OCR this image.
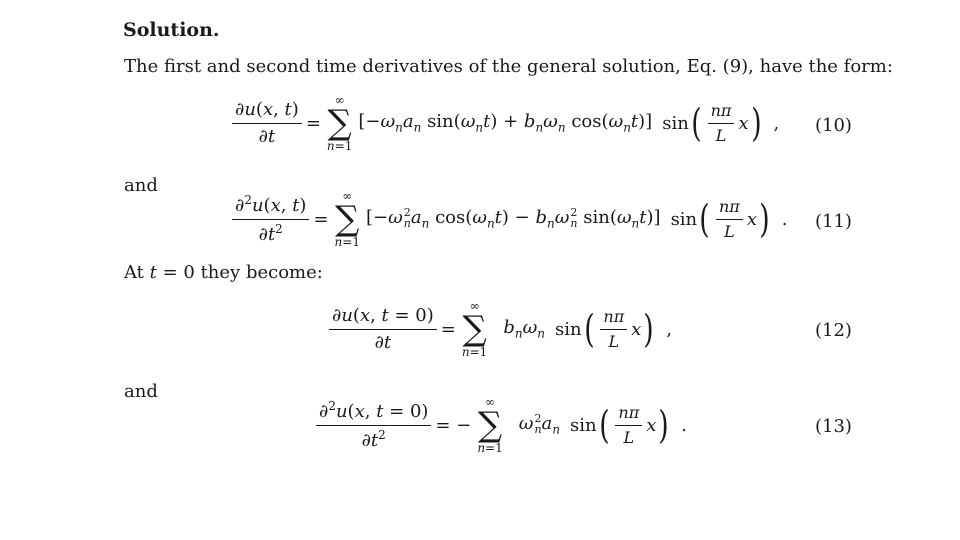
Solution.
The first and second time derivatives of the general solution, Eq. (9), have the form:
$\frac{\partial u(x, t)}{\partial t}$ =
∞
∑
n=1
[$-\omega_na_n$ $\sin(\omega_nt) + b_n\omega_n$ $\cos(\omega_nt)$] sin ( $\frac{n\pi}{L}$ x ) , (10)
and
$\frac{\partial^2u(x, t)}{\partial t^2}$ =
∞
∑
n=1
[−ω 2
n $a_n$ $\cos(\omega_nt) - b_n\omega$ 2
n $\sin(\omega_nt)$] sin ( $\frac{n\pi}{L}$ x ) . (11)
At t = 0 they become:
$\frac{\partial u(x, t = 0)}{\partial t}$ =
∞
∑
n=1
$b_n\omega_n$ sin ( $\frac{n\pi}{L}$ x ) ,	(12)
and
$\frac{\partial^2u(x, t = 0)}{\partial t^2}$ = −
∞
∑
n=1
ω 2
n $a_n$ sin ( $\frac{n\pi}{L}$ x ) .	(13)
